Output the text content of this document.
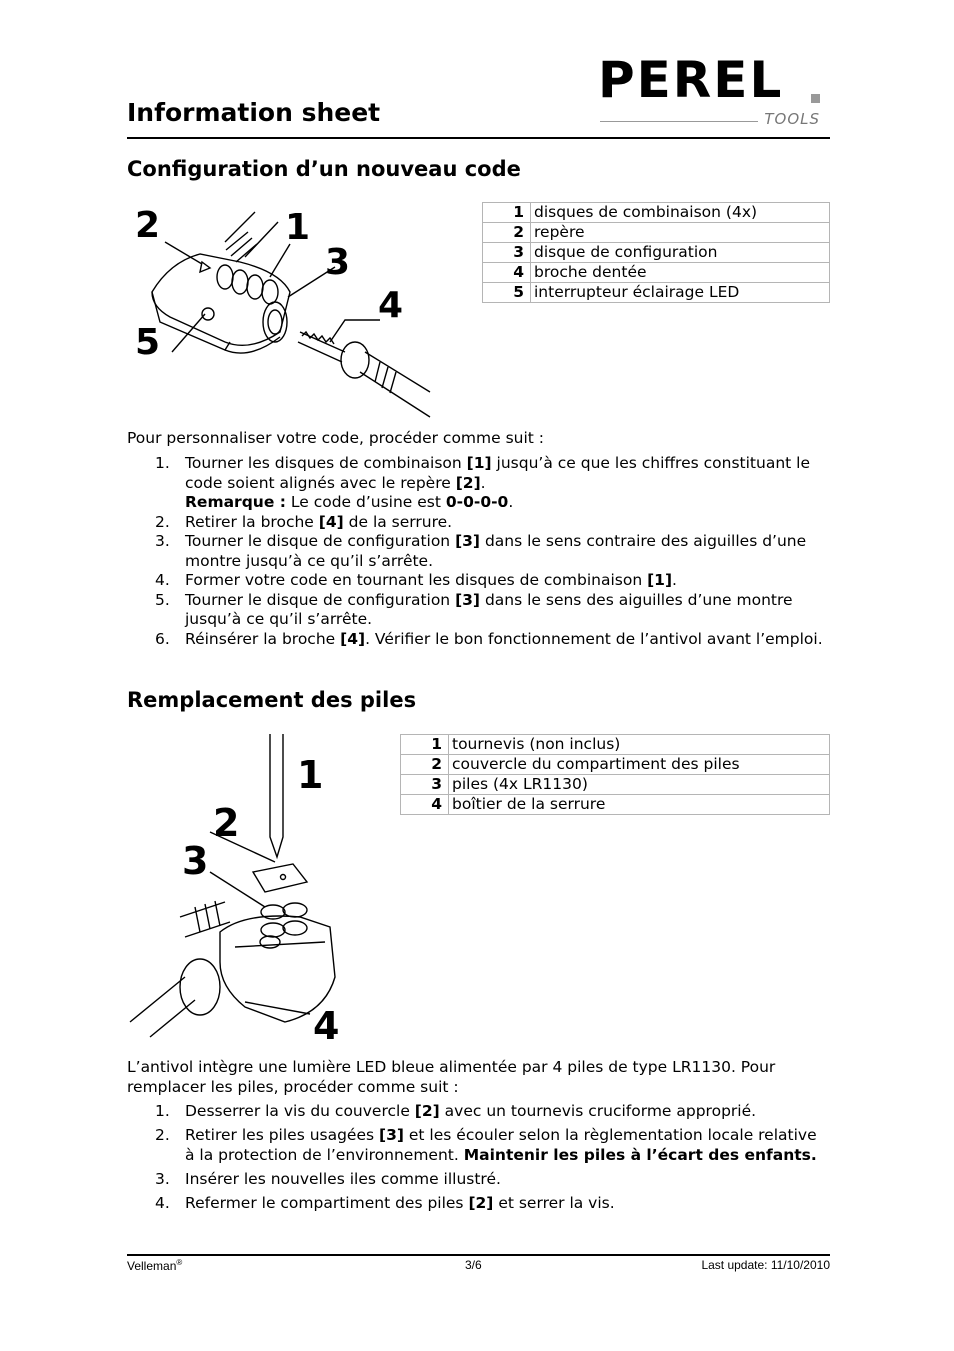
Information sheet
PEREL
TOOLS
Configuration d’un nouveau code
2	1
3
4
5
1	disques de combinaison (4x)
2	repère
3	disque de configuration
4	broche dentée
5	interrupteur éclairage LED
Pour personnaliser votre code, procéder comme suit :
1. Tourner les disques de combinaison [1] jusqu’à ce que les chiffres constituant le code soient alignés avec le repère [2].
Remarque : Le code d’usine est 0-0-0-0.
2. Retirer la broche [4] de la serrure.
3. Tourner le disque de configuration [3] dans le sens contraire des aiguilles d’une montre jusqu’à ce qu’il s’arrête.
4. Former votre code en tournant les disques de combinaison [1].
5. Tourner le disque de configuration [3] dans le sens des aiguilles d’une montre jusqu’à ce qu’il s’arrête.
6. Réinsérer la broche [4]. Vérifier le bon fonctionnement de l’antivol avant l’emploi.
Remplacement des piles
1
2
3
4
1	tournevis (non inclus)
2	couvercle du compartiment des piles
3	piles (4x LR1130)
4	boîtier de la serrure
L’antivol intègre une lumière LED bleue alimentée par 4 piles de type LR1130. Pour remplacer les piles, procéder comme suit :
1. Desserrer la vis du couvercle [2] avec un tournevis cruciforme approprié.
2. Retirer les piles usagées [3] et les écouler selon la règlementation locale relative à la protection de l’environnement. Maintenir les piles à l’écart des enfants.
3. Insérer les nouvelles iles comme illustré.
4. Refermer le compartiment des piles [2] et serrer la vis.
Velleman®	3/6	Last update: 11/10/2010
